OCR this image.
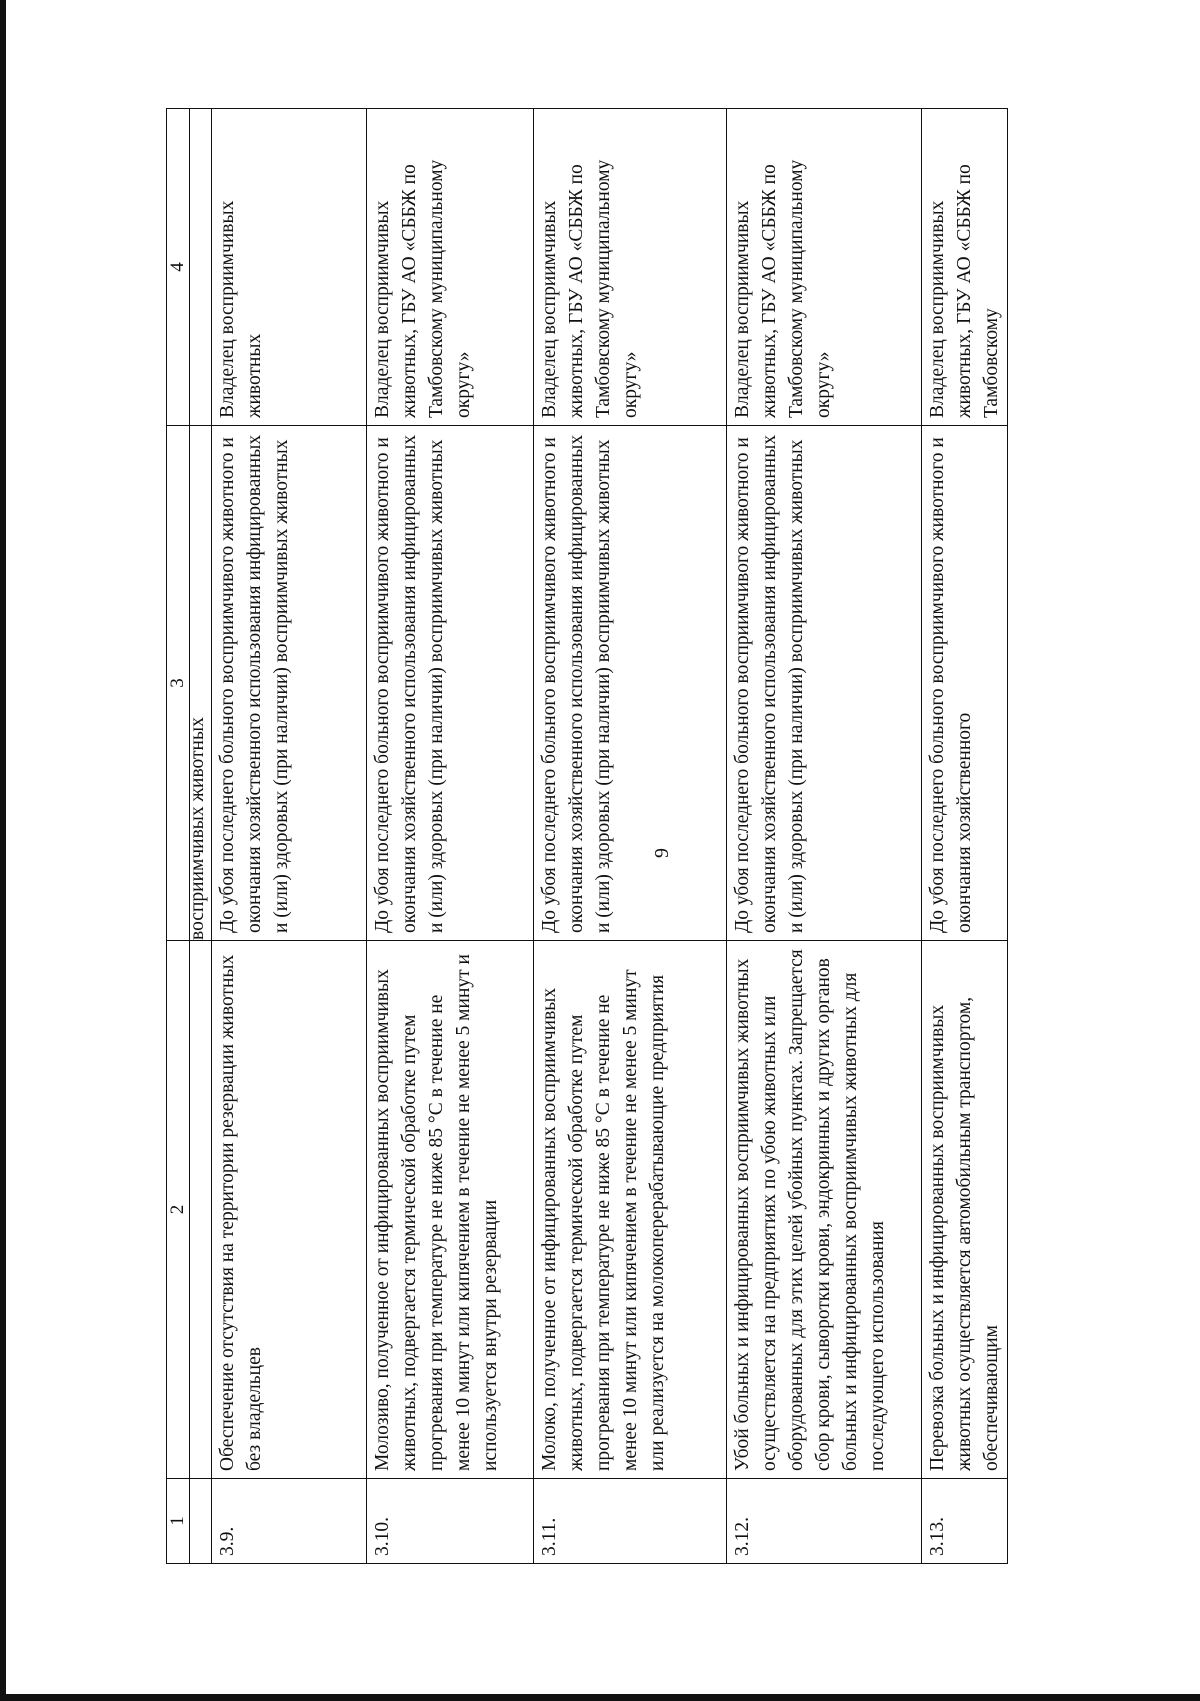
9
1	2	3	4

		восприимчивых животных	

3.9.	Обеспечение отсутствия на территории резервации животных без владельцев	До убоя последнего больного восприимчивого животного и окончания хозяйственного использования инфицированных и (или) здоровых (при наличии) восприимчивых животных	Владелец восприимчивых животных
3.10.	Молозиво, полученное от инфицированных восприимчивых животных, подвергается термической обработке путем прогревания при температуре не ниже 85 °C в течение не менее 10 минут или кипячением в течение не менее 5 минут и используется внутри резервации	До убоя последнего больного восприимчивого животного и окончания хозяйственного использования инфицированных и (или) здоровых (при наличии) восприимчивых животных	Владелец восприимчивых животных, ГБУ АО «СББЖ по Тамбовскому муниципальному округу»
3.11.	Молоко, полученное от инфицированных восприимчивых животных, подвергается термической обработке путем прогревания при температуре не ниже 85 °C в течение не менее 10 минут или кипячением в течение не менее 5 минут или реализуется на молокоперерабатывающие предприятия	До убоя последнего больного восприимчивого животного и окончания хозяйственного использования инфицированных и (или) здоровых (при наличии) восприимчивых животных	Владелец восприимчивых животных, ГБУ АО «СББЖ по Тамбовскому муниципальному округу»
3.12.	Убой больных и инфицированных восприимчивых животных осуществляется на предприятиях по убою животных или оборудованных для этих целей убойных пунктах. Запрещается сбор крови, сыворотки крови, эндокринных и других органов больных и инфицированных восприимчивых животных для последующего использования	До убоя последнего больного восприимчивого животного и окончания хозяйственного использования инфицированных и (или) здоровых (при наличии) восприимчивых животных	Владелец восприимчивых животных, ГБУ АО «СББЖ по Тамбовскому муниципальному округу»
3.13.	Перевозка больных и инфицированных восприимчивых животных осуществляется автомобильным транспортом, обеспечивающим	До убоя последнего больного восприимчивого животного и окончания хозяйственного	Владелец восприимчивых животных, ГБУ АО «СББЖ по Тамбовскому
